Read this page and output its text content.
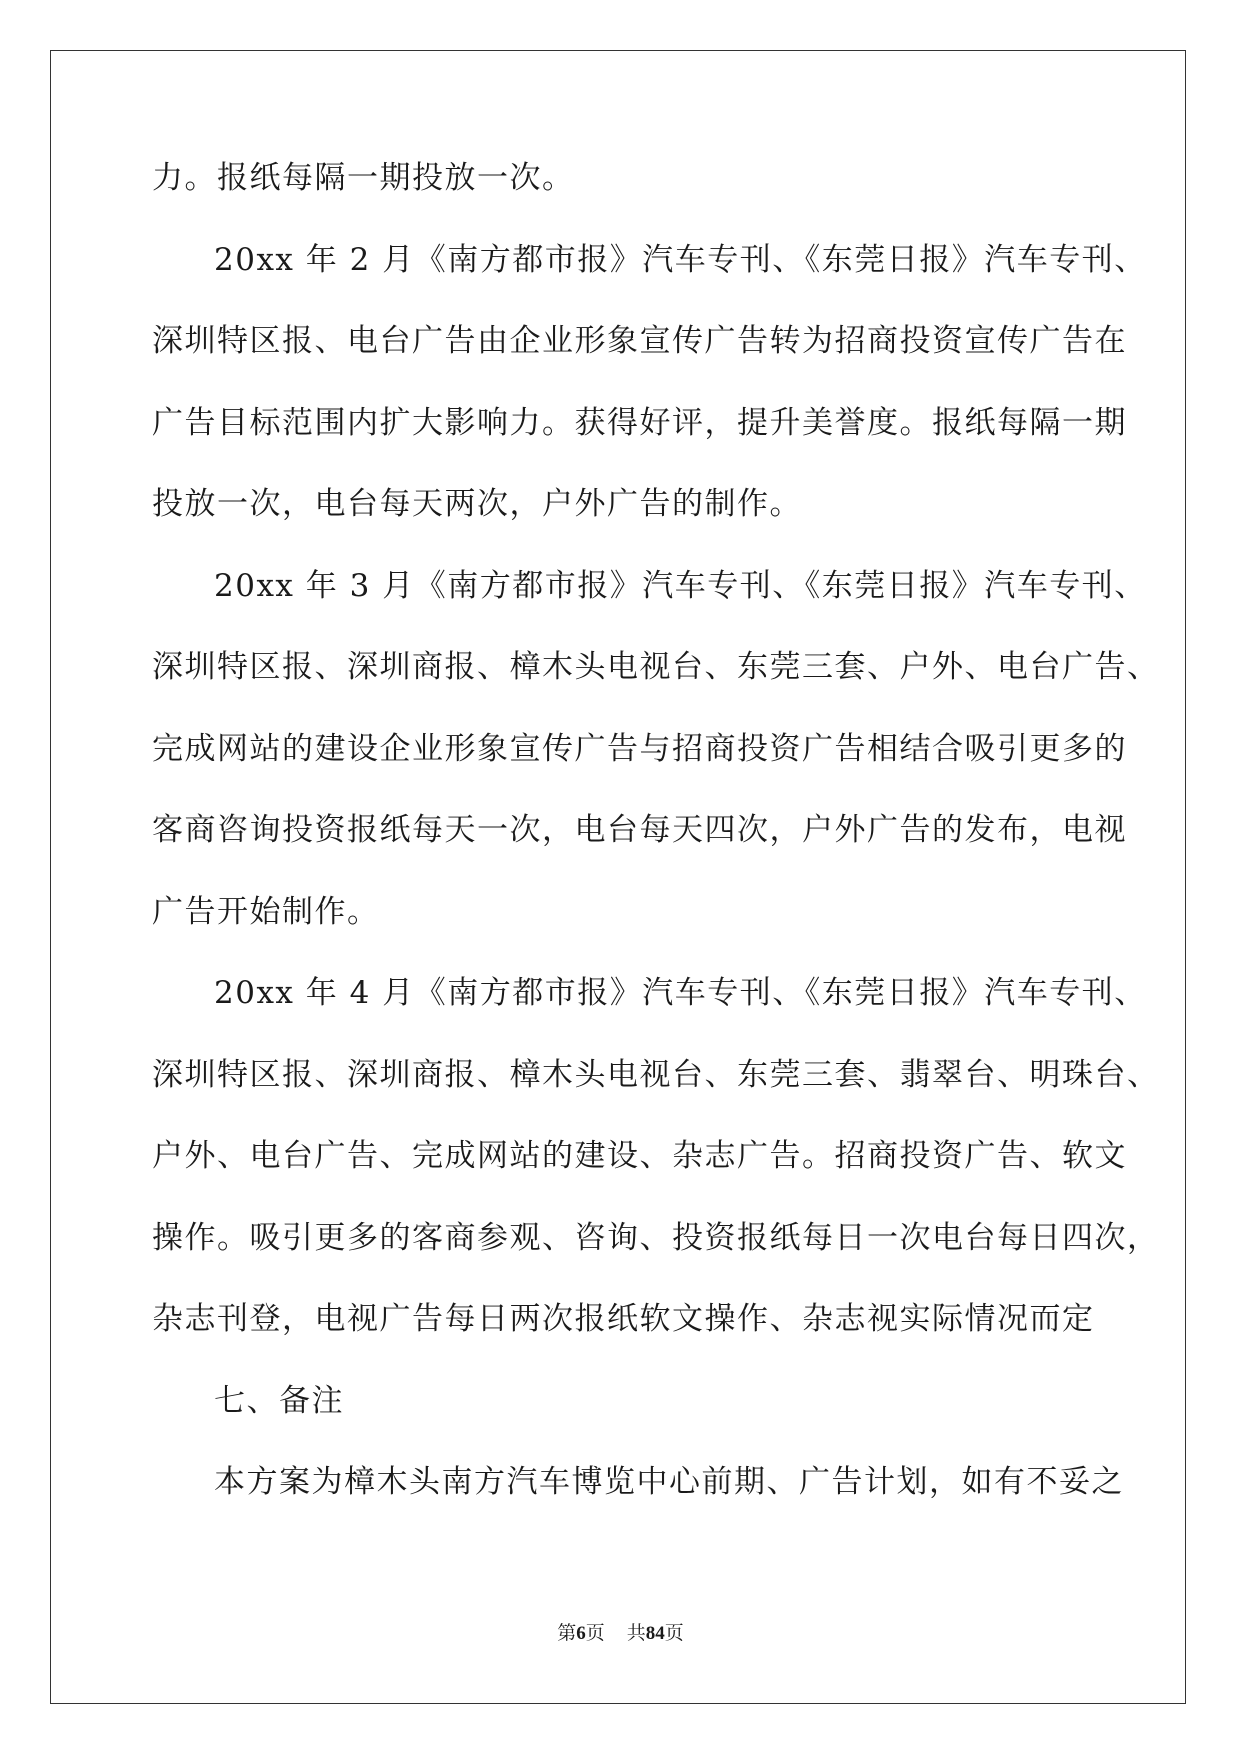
力。报纸每隔一期投放一次。
20xx 年 2 月《南方都市报》汽车专刊、《东莞日报》汽车专刊、
深圳特区报、电台广告由企业形象宣传广告转为招商投资宣传广告在
广告目标范围内扩大影响力。获得好评，提升美誉度。报纸每隔一期
投放一次，电台每天两次，户外广告的制作。
20xx 年 3 月《南方都市报》汽车专刊、《东莞日报》汽车专刊、
深圳特区报、深圳商报、樟木头电视台、东莞三套、户外、电台广告、
完成网站的建设企业形象宣传广告与招商投资广告相结合吸引更多的
客商咨询投资报纸每天一次，电台每天四次，户外广告的发布，电视
广告开始制作。
20xx 年 4 月《南方都市报》汽车专刊、《东莞日报》汽车专刊、
深圳特区报、深圳商报、樟木头电视台、东莞三套、翡翠台、明珠台、
户外、电台广告、完成网站的建设、杂志广告。招商投资广告、软文
操作。吸引更多的客商参观、咨询、投资报纸每日一次电台每日四次，
杂志刊登，电视广告每日两次报纸软文操作、杂志视实际情况而定
七、备注
本方案为樟木头南方汽车博览中心前期、广告计划，如有不妥之
第6页 共84页
